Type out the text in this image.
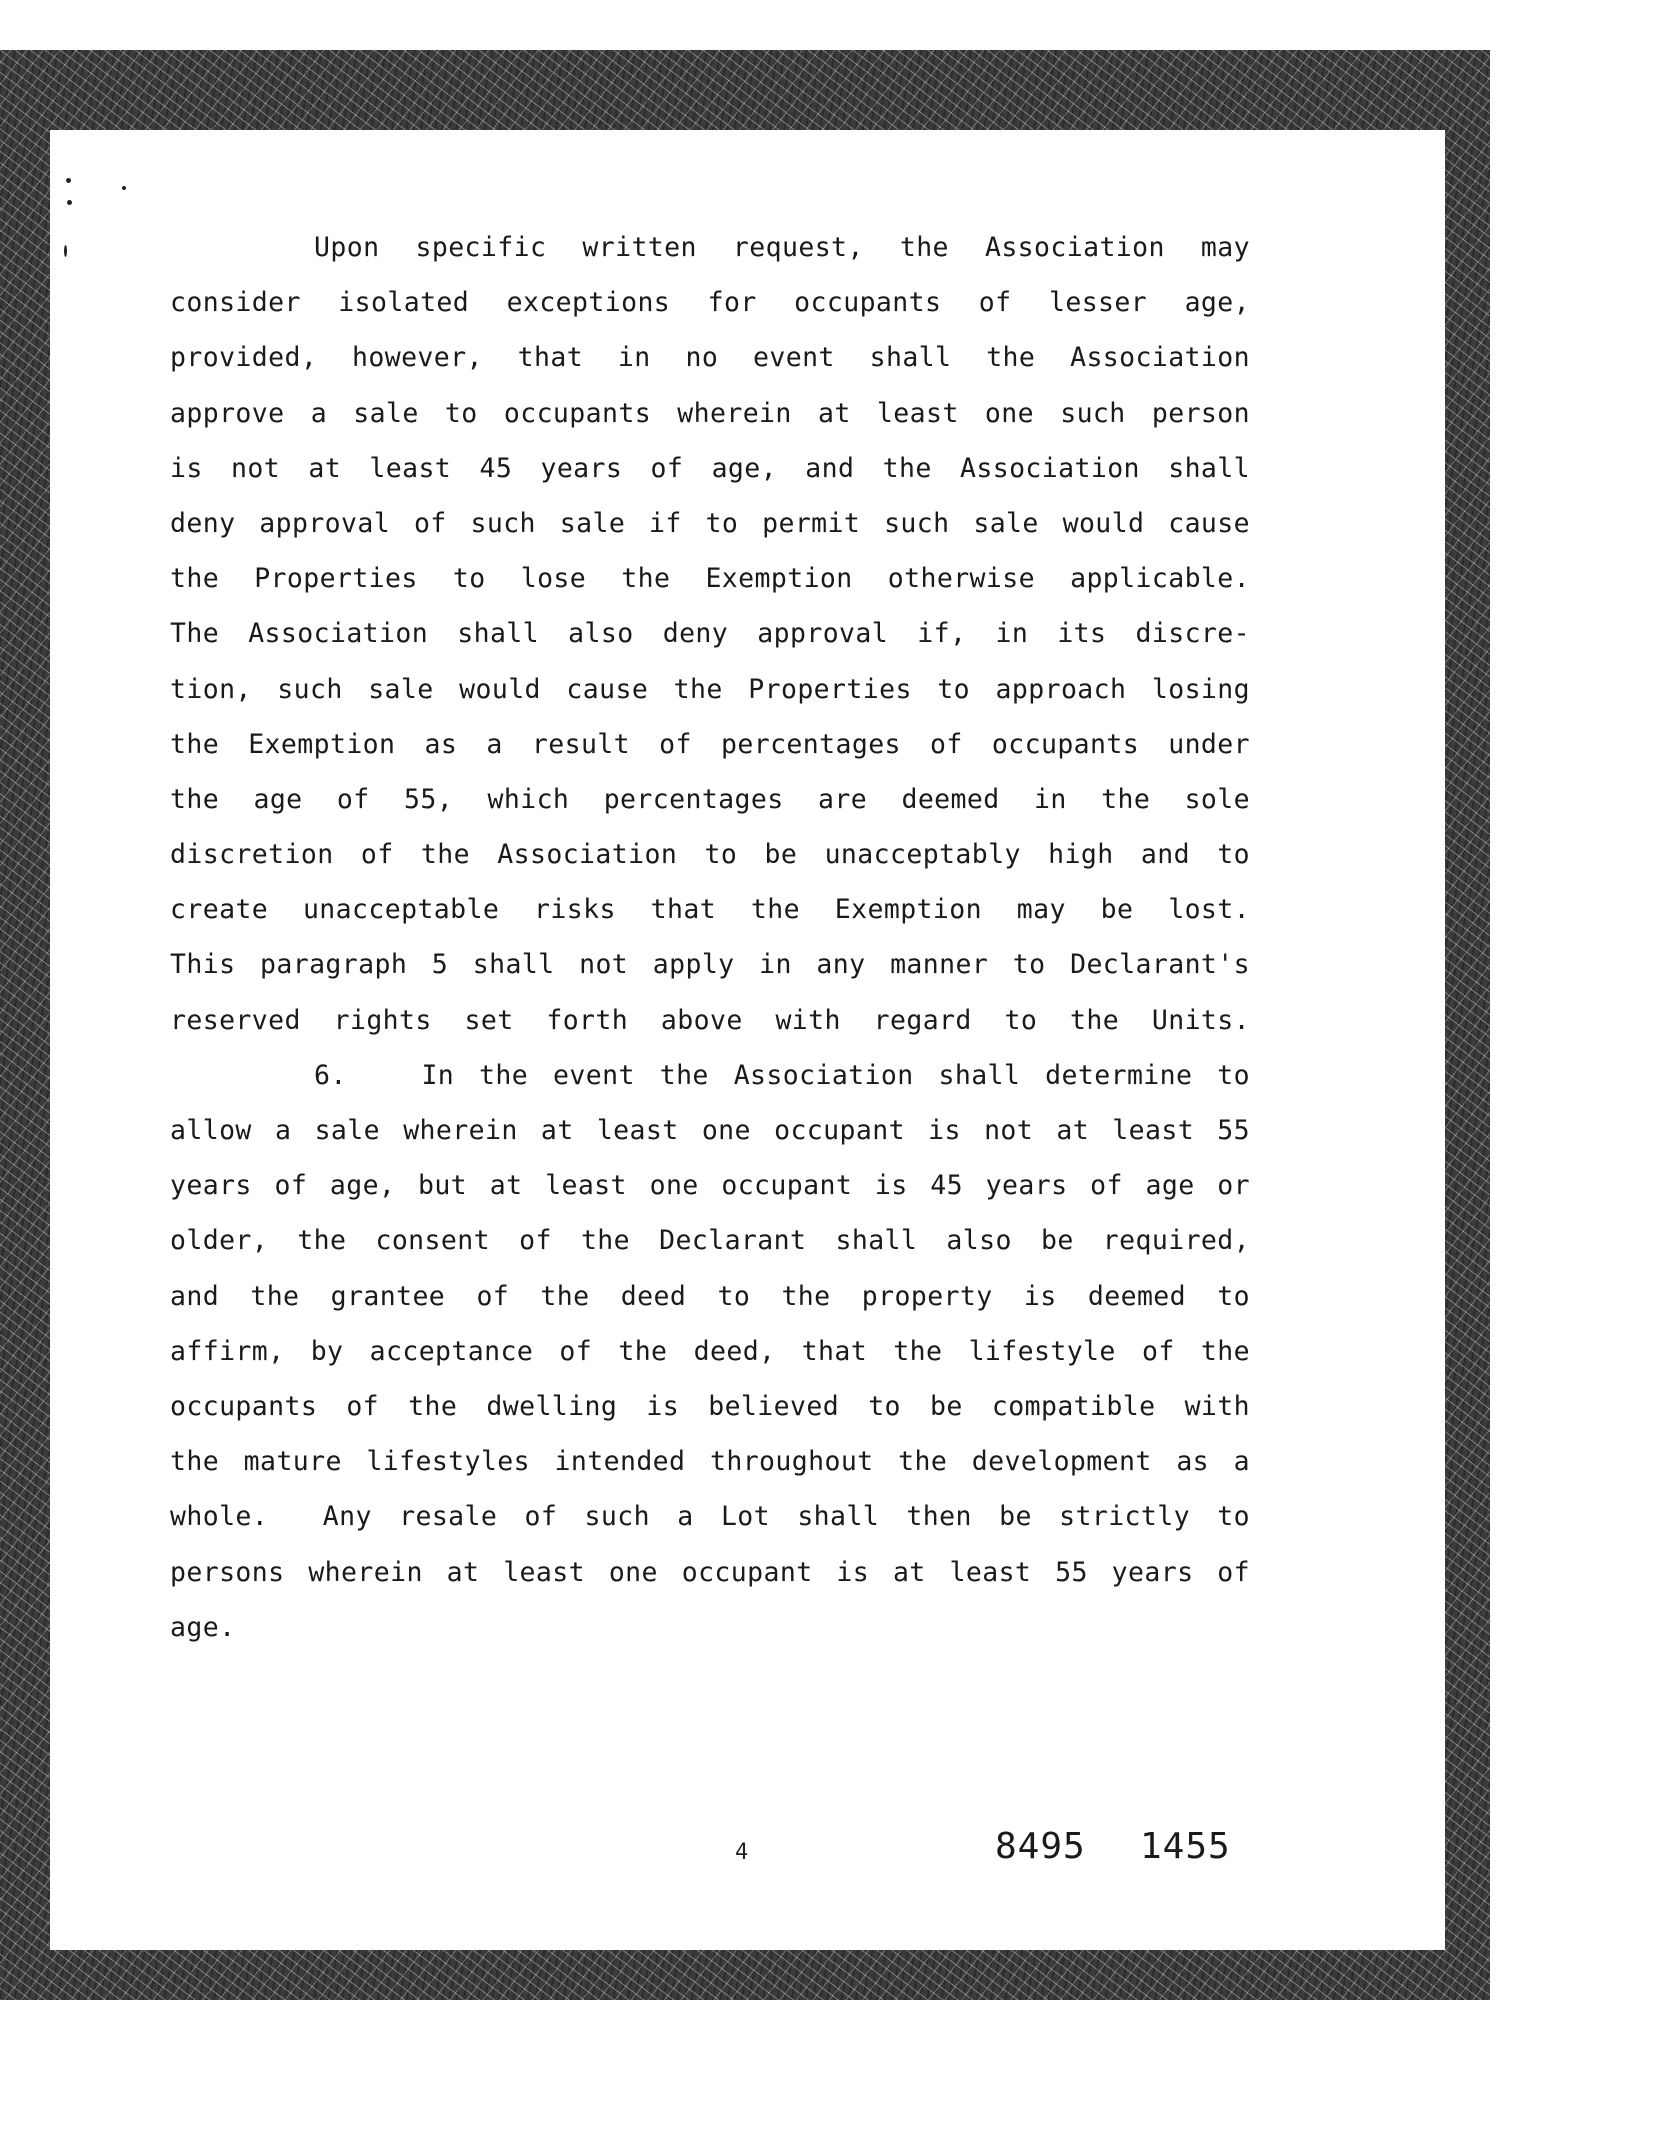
Upon specific written request, the Association may
consider isolated exceptions for occupants of lesser age,
provided, however, that in no event shall the Association
approve a sale to occupants wherein at least one such person
is not at least 45 years of age, and the Association shall
deny approval of such sale if to permit such sale would cause
the Properties to lose the Exemption otherwise applicable.
The Association shall also deny approval if, in its discre-
tion, such sale would cause the Properties to approach losing
the Exemption as a result of percentages of occupants under
the age of 55, which percentages are deemed in the sole
discretion of the Association to be unacceptably high and to
create unacceptable risks that the Exemption may be lost.
This paragraph 5 shall not apply in any manner to Declarant's
reserved rights set forth above with regard to the Units.
6.   In the event the Association shall determine to
allow a sale wherein at least one occupant is not at least 55
years of age, but at least one occupant is 45 years of age or
older, the consent of the Declarant shall also be required,
and the grantee of the deed to the property is deemed to
affirm, by acceptance of the deed, that the lifestyle of the
occupants of the dwelling is believed to be compatible with
the mature lifestyles intended throughout the development as a
whole.  Any resale of such a Lot shall then be strictly to
persons wherein at least one occupant is at least 55 years of
age.
4	8495 1455
